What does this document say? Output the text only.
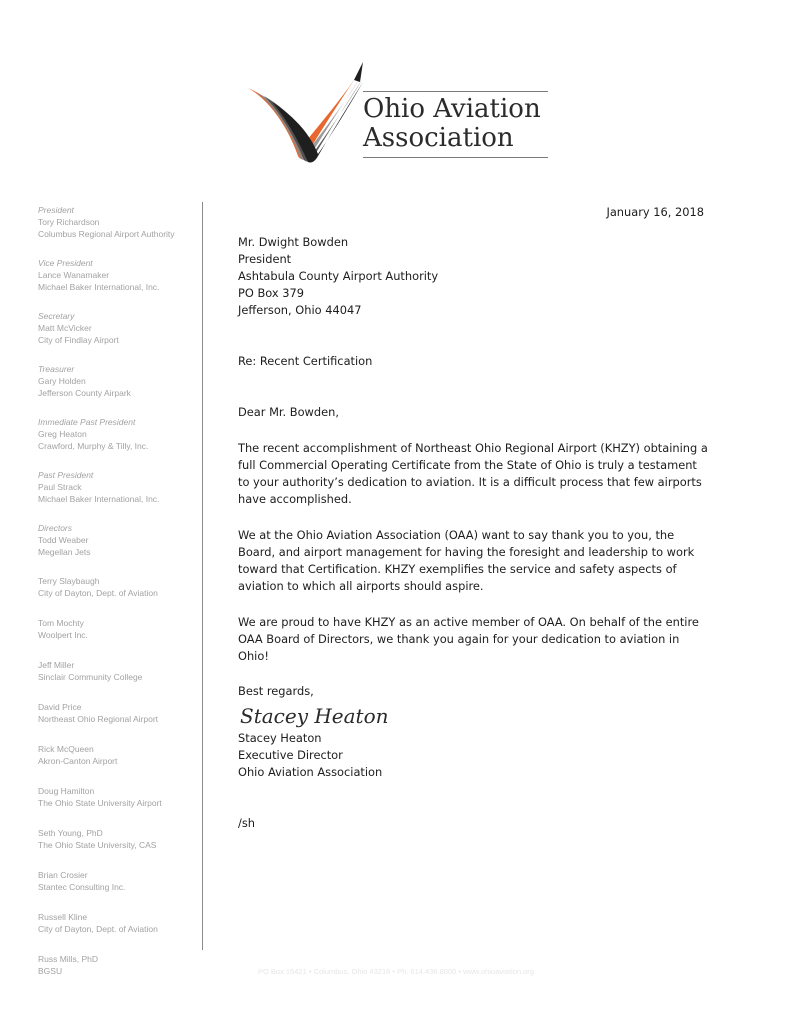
Ohio Aviation
Association
President
Tory Richardson
Columbus Regional Airport Authority
Vice President
Lance Wanamaker
Michael Baker International, Inc.
Secretary
Matt McVicker
City of Findlay Airport
Treasurer
Gary Holden
Jefferson County Airpark
Immediate Past President
Greg Heaton
Crawford, Murphy & Tilly, Inc.
Past President
Paul Strack
Michael Baker International, Inc.
Directors
Todd Weaber
Megellan Jets
Terry Slaybaugh
City of Dayton, Dept. of Aviation
Tom Mochty
Woolpert Inc.
Jeff Miller
Sinclair Community College
David Price
Northeast Ohio Regional Airport
Rick McQueen
Akron-Canton Airport
Doug Hamilton
The Ohio State University Airport
Seth Young, PhD
The Ohio State University, CAS
Brian Crosier
Stantec Consulting Inc.
Russell Kline
City of Dayton, Dept. of Aviation
Russ Mills, PhD
BGSU
January 16, 2018
Mr. Dwight Bowden
President
Ashtabula County Airport Authority
PO Box 379
Jefferson, Ohio 44047
Re: Recent Certification
Dear Mr. Bowden,
The recent accomplishment of Northeast Ohio Regional Airport (KHZY) obtaining a full Commercial Operating Certificate from the State of Ohio is truly a testament to your authority’s dedication to aviation. It is a difficult process that few airports have accomplished.
We at the Ohio Aviation Association (OAA) want to say thank you to you, the Board, and airport management for having the foresight and leadership to work toward that Certification. KHZY exemplifies the service and safety aspects of aviation to which all airports should aspire.
We are proud to have KHZY as an active member of OAA. On behalf of the entire OAA Board of Directors, we thank you again for your dedication to aviation in Ohio!
Best regards,
Stacey Heaton
Stacey Heaton
Executive Director
Ohio Aviation Association
/sh
PO Box 16421 • Columbus, Ohio 43216 • Ph. 614.436.8000 • www.ohioaviation.org
